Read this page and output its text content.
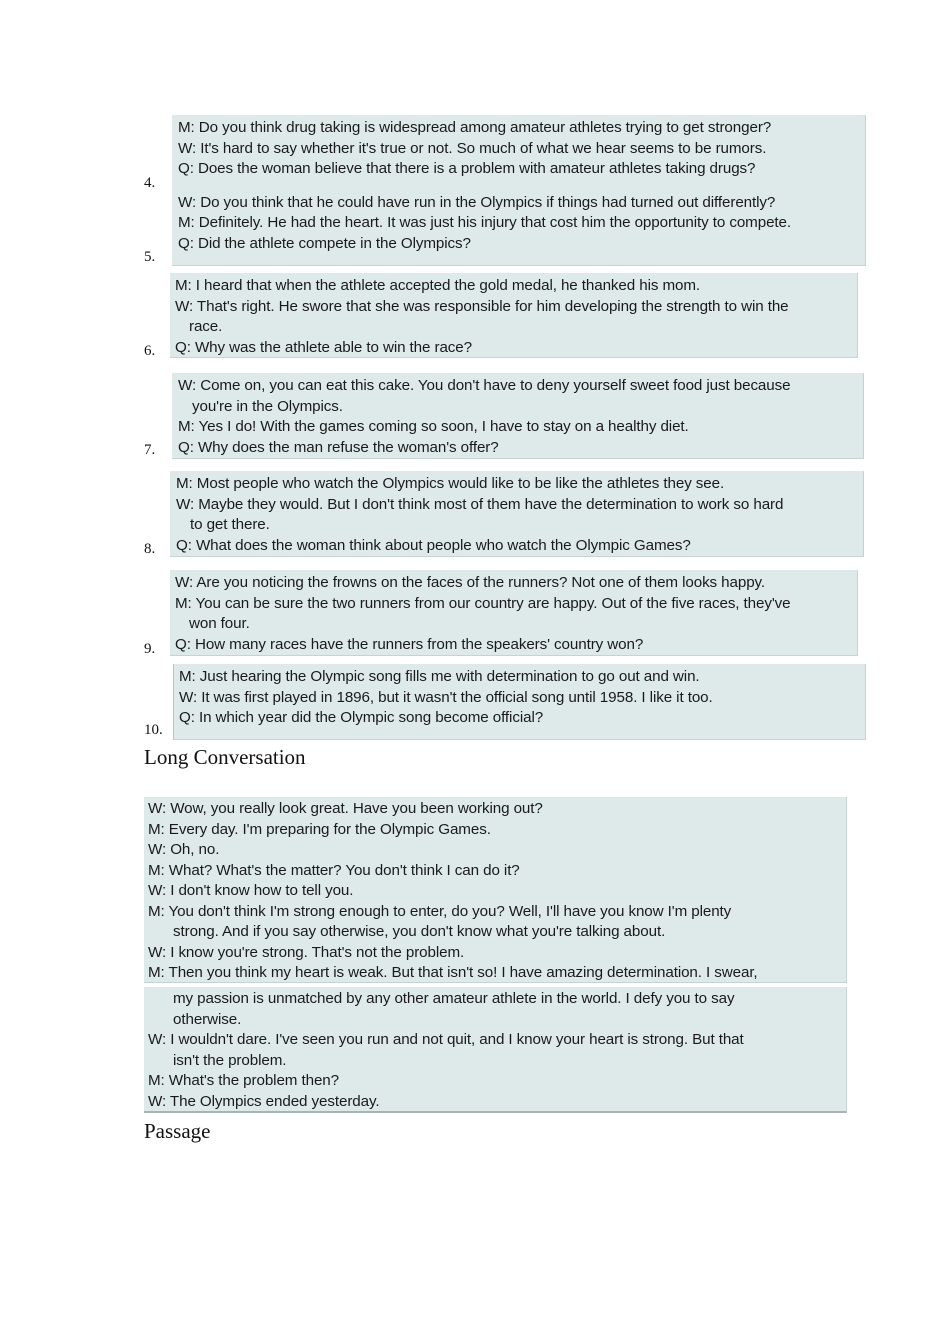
M: Do you think drug taking is widespread among amateur athletes trying to get stronger?
W: It's hard to say whether it's true or not. So much of what we hear seems to be rumors.
Q: Does the woman believe that there is a problem with amateur athletes taking drugs?
W: Do you think that he could have run in the Olympics if things had turned out differently?
M: Definitely. He had the heart. It was just his injury that cost him the opportunity to compete.
Q: Did the athlete compete in the Olympics?
4.
5.
M: I heard that when the athlete accepted the gold medal, he thanked his mom.
W: That's right. He swore that she was responsible for him developing the strength to win the
race.
Q: Why was the athlete able to win the race?
6.
W: Come on, you can eat this cake. You don't have to deny yourself sweet food just because
you're in the Olympics.
M: Yes I do! With the games coming so soon, I have to stay on a healthy diet.
Q: Why does the man refuse the woman's offer?
7.
M: Most people who watch the Olympics would like to be like the athletes they see.
W: Maybe they would. But I don't think most of them have the determination to work so hard
to get there.
Q: What does the woman think about people who watch the Olympic Games?
8.
W: Are you noticing the frowns on the faces of the runners? Not one of them looks happy.
M: You can be sure the two runners from our country are happy. Out of the five races, they've
won four.
Q: How many races have the runners from the speakers' country won?
9.
M: Just hearing the Olympic song fills me with determination to go out and win.
W: It was first played in 1896, but it wasn't the official song until 1958. I like it too.
Q: In which year did the Olympic song become official?
10.
Long Conversation
W: Wow, you really look great. Have you been working out?
M: Every day. I'm preparing for the Olympic Games.
W: Oh, no.
M: What? What's the matter? You don't think I can do it?
W: I don't know how to tell you.
M: You don't think I'm strong enough to enter, do you? Well, I'll have you know I'm plenty
strong. And if you say otherwise, you don't know what you're talking about.
W: I know you're strong. That's not the problem.
M: Then you think my heart is weak. But that isn't so! I have amazing determination. I swear,
my passion is unmatched by any other amateur athlete in the world. I defy you to say
otherwise.
W: I wouldn't dare. I've seen you run and not quit, and I know your heart is strong. But that
isn't the problem.
M: What's the problem then?
W: The Olympics ended yesterday.
Passage
